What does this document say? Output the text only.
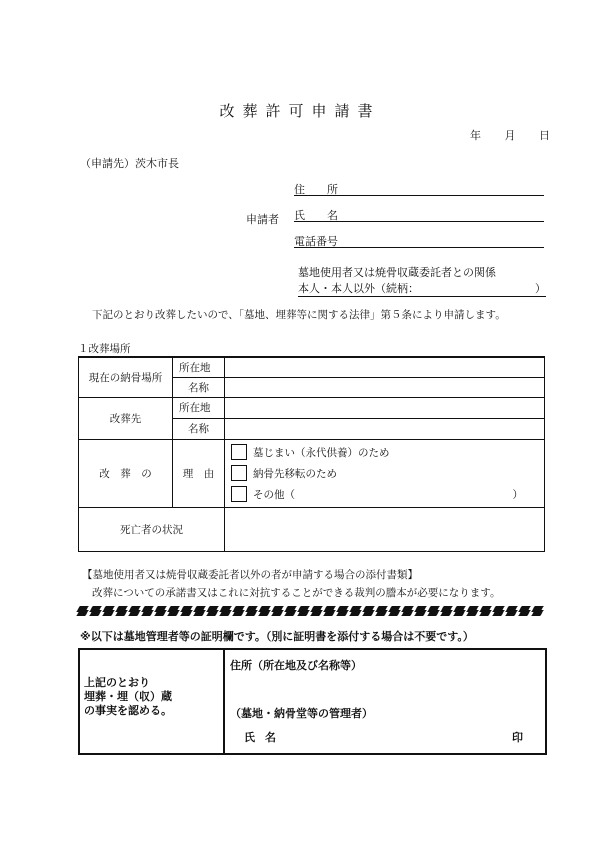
改葬許可申請書
年 月 日
（申請先）茨木市長
申請者
住　　所
氏　　名
電話番号
墓地使用者又は焼骨収蔵委託者との関係
本人・本人以外（続柄：	）
下記のとおり改葬したいので、「墓地、埋葬等に関する法律」第５条により申請します。
１改葬場所
現在の納骨場所	所在地	
	名称	
改葬先	所在地	
	名称	
改　葬　の	理　由	墓じまい（永代供養）のため
納骨先移転のため
その他（ ）

死亡者の状況		
【墓地使用者又は焼骨収蔵委託者以外の者が申請する場合の添付書類】
改葬についての承諾書又はこれに対抗することができる裁判の謄本が必要になります。
※以下は墓地管理者等の証明欄です。（別に証明書を添付する場合は不要です。）
上記のとおり
埋葬・埋（収）蔵
の事実を認める。
住所（所在地及び名称等）
（墓地・納骨堂等の管理者）
氏名	印
